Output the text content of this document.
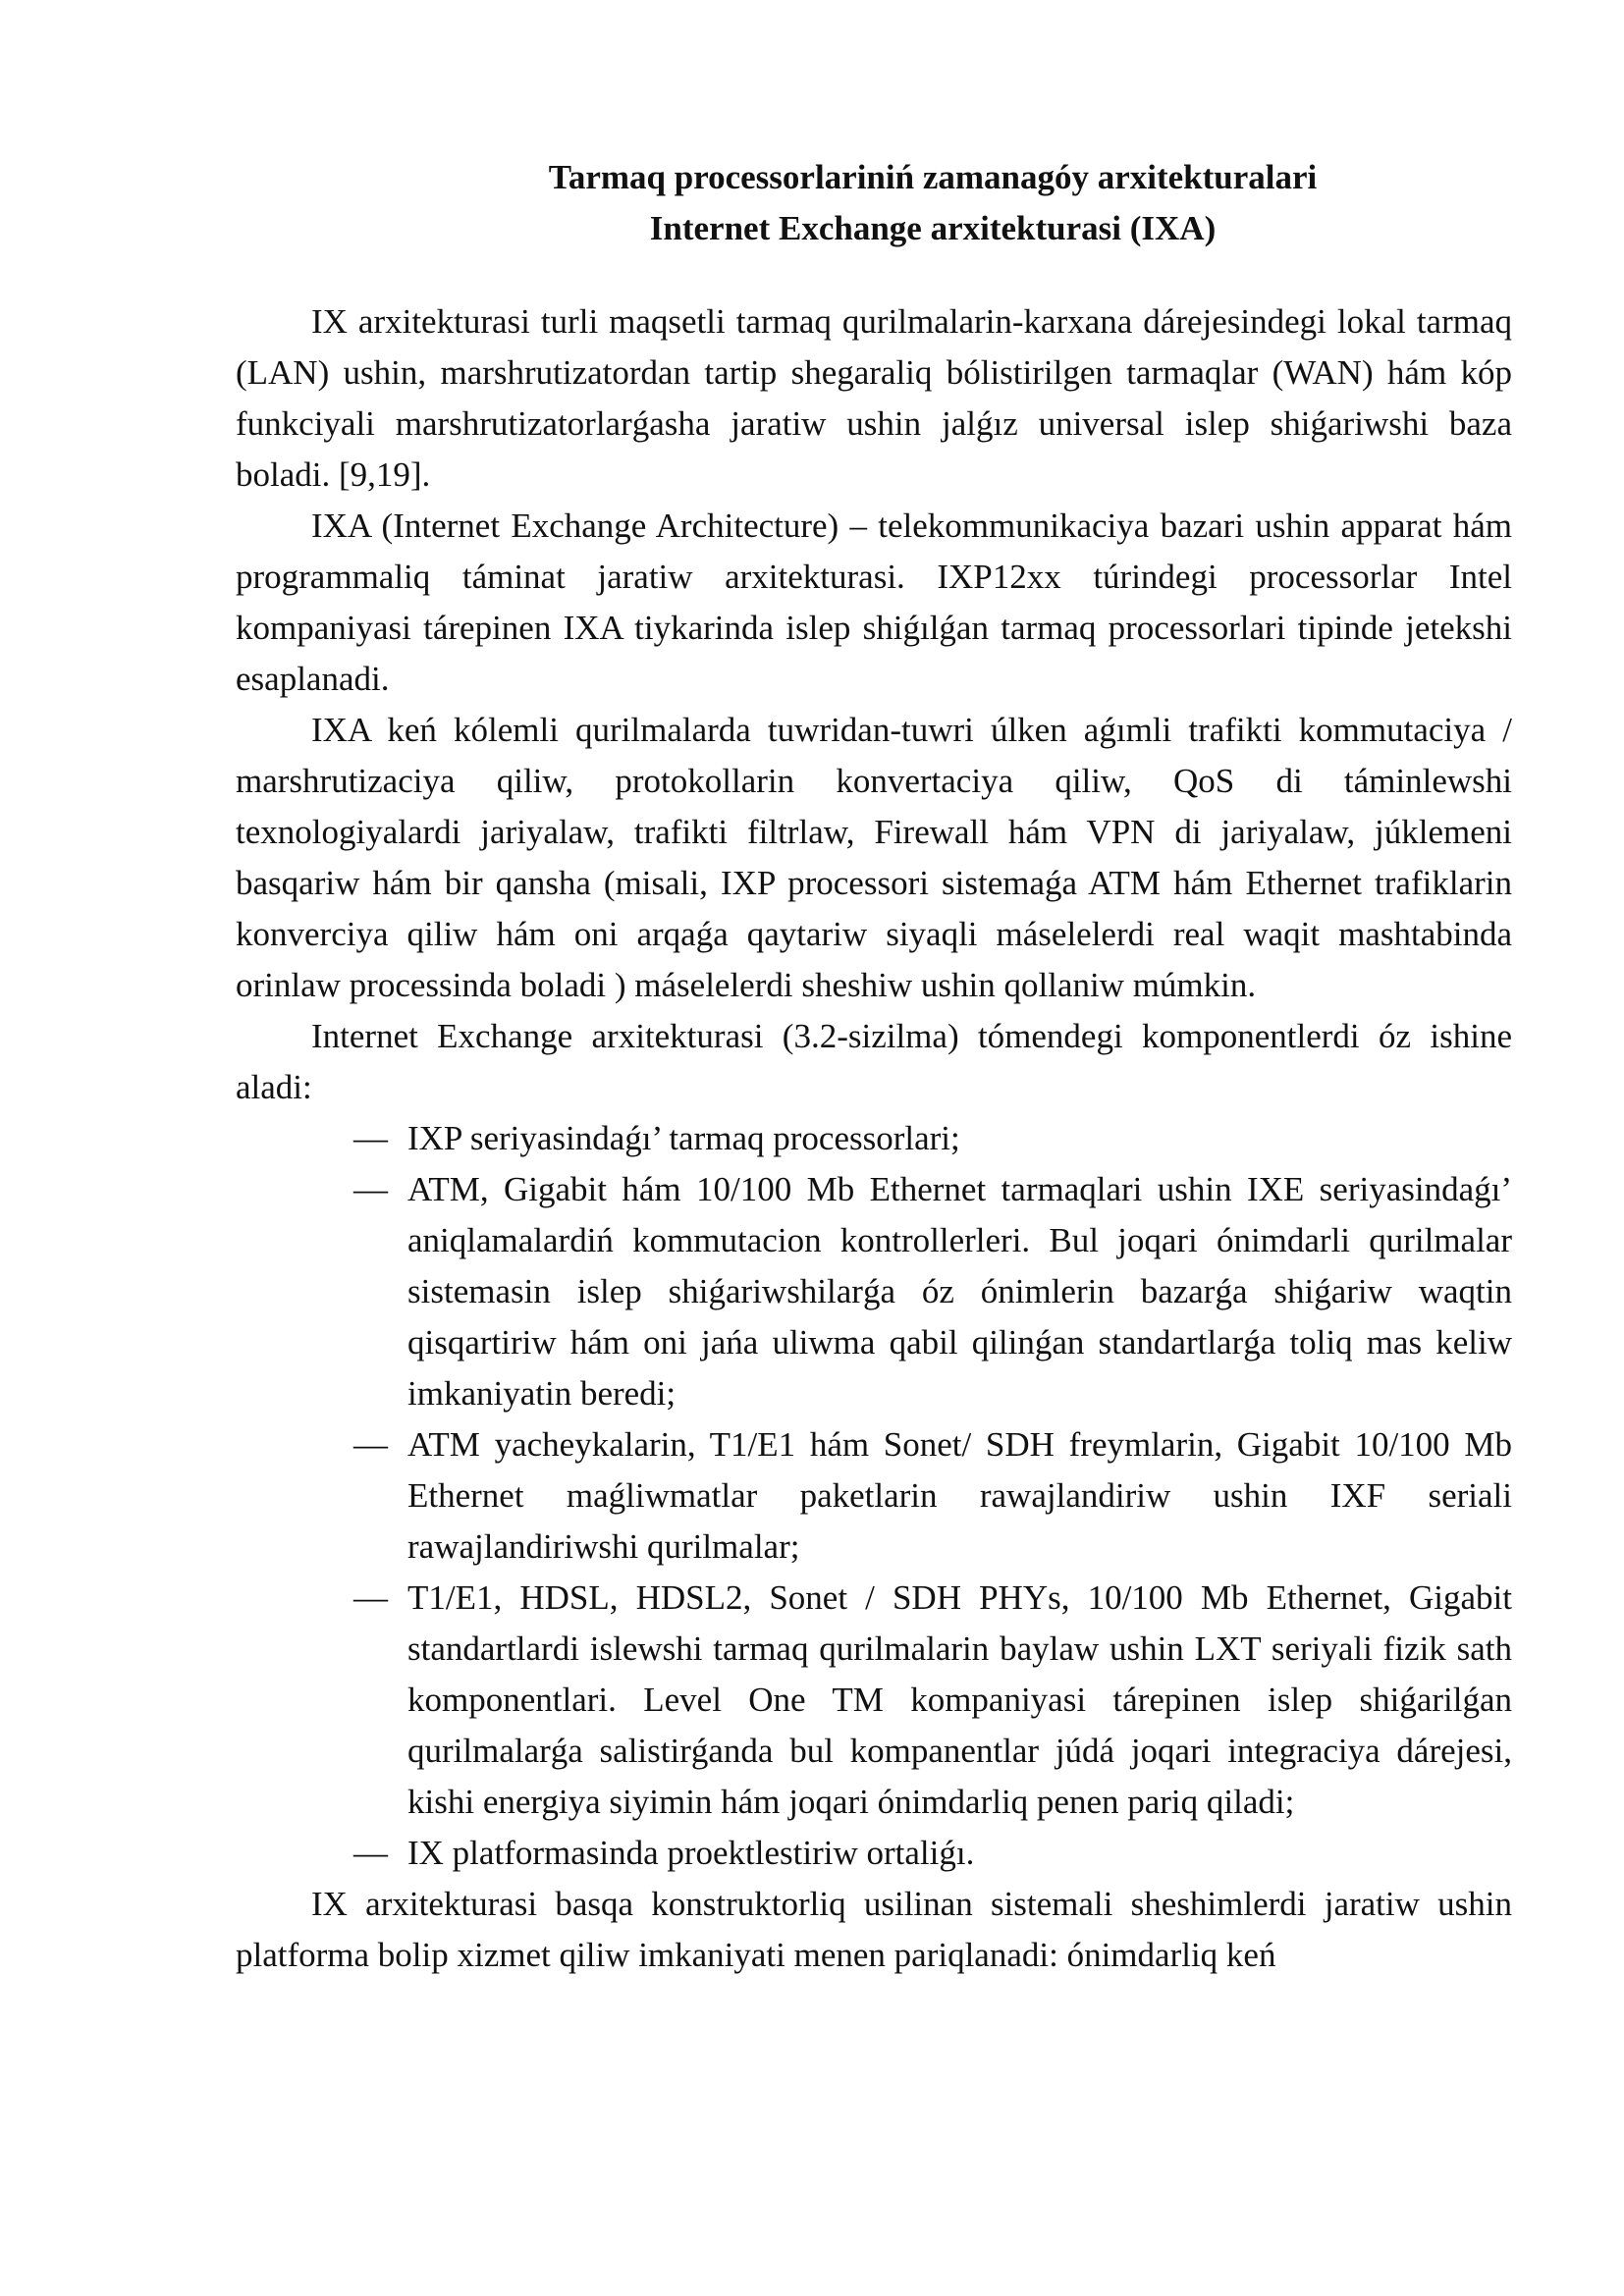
Tarmaq processorlariniń zamanagóy arxitekturalari
Internet Exchange arxitekturasi (IXA)

IX arxitekturasi turli maqsetli tarmaq qurilmalarin-karxana dárejesindegi lokal tarmaq (LAN) ushin, marshrutizatordan tartip shegaraliq bólistirilgen tarmaqlar (WAN) hám kóp funkciyali marshrutizatorlarǵasha jaratiw ushin jalǵız universal islep shiǵariwshi baza boladi. [9,19].

IXA (Internet Exchange Architecture) – telekommunikaciya bazari ushin apparat hám programmaliq táminat jaratiw arxitekturasi. IXP12xx túrindegi processorlar Intel kompaniyasi tárepinen IXA tiykarinda islep shiǵılǵan tarmaq processorlari tipinde jetekshi esaplanadi.

IXA keń kólemli qurilmalarda tuwridan-tuwri úlken aǵımli trafikti kommutaciya / marshrutizaciya qiliw, protokollarin konvertaciya qiliw, QoS di táminlewshi texnologiyalardi jariyalaw, trafikti filtrlaw, Firewall hám VPN di jariyalaw, júklemeni basqariw hám bir qansha (misali, IXP processori sistemaǵa ATM hám Ethernet trafiklarin konverciya qiliw hám oni arqaǵa qaytariw siyaqli máselelerdi real waqit mashtabinda orinlaw processinda boladi ) máselelerdi sheshiw ushin qollaniw múmkin.

Internet Exchange arxitekturasi (3.2-sizilma) tómendegi komponentlerdi óz ishine aladi:

— IXP seriyasindaǵı’ tarmaq processorlari;
— ATM, Gigabit hám 10/100 Mb Ethernet tarmaqlari ushin IXE seriyasindaǵı’ aniqlamalardiń kommutacion kontrollerleri. Bul joqari ónimdarli qurilmalar sistemasin islep shiǵariwshilarǵa óz ónimlerin bazarǵa shiǵariw waqtin qisqartiriw hám oni jańa uliwma qabil qilinǵan standartlarǵa toliq mas keliw imkaniyatin beredi;
— ATM yacheykalarin, T1/E1 hám Sonet/ SDH freymlarin, Gigabit 10/100 Mb Ethernet maǵliwmatlar paketlarin rawajlandiriw ushin IXF seriali rawajlandiriwshi qurilmalar;
— T1/E1, HDSL, HDSL2, Sonet / SDH PHYs, 10/100 Mb Ethernet, Gigabit standartlardi islewshi tarmaq qurilmalarin baylaw ushin LXT seriyali fizik sath komponentlari. Level One TM kompaniyasi tárepinen islep shiǵarilǵan qurilmalarǵa salistirǵanda bul kompanentlar júdá joqari integraciya dárejesi, kishi energiya siyimin hám joqari ónimdarliq penen pariq qiladi;
— IX platformasinda proektlestiriw ortaliǵı.

IX arxitekturasi basqa konstruktorliq usilinan sistemali sheshimlerdi jaratiw ushin platforma bolip xizmet qiliw imkaniyati menen pariqlanadi: ónimdarliq keń
